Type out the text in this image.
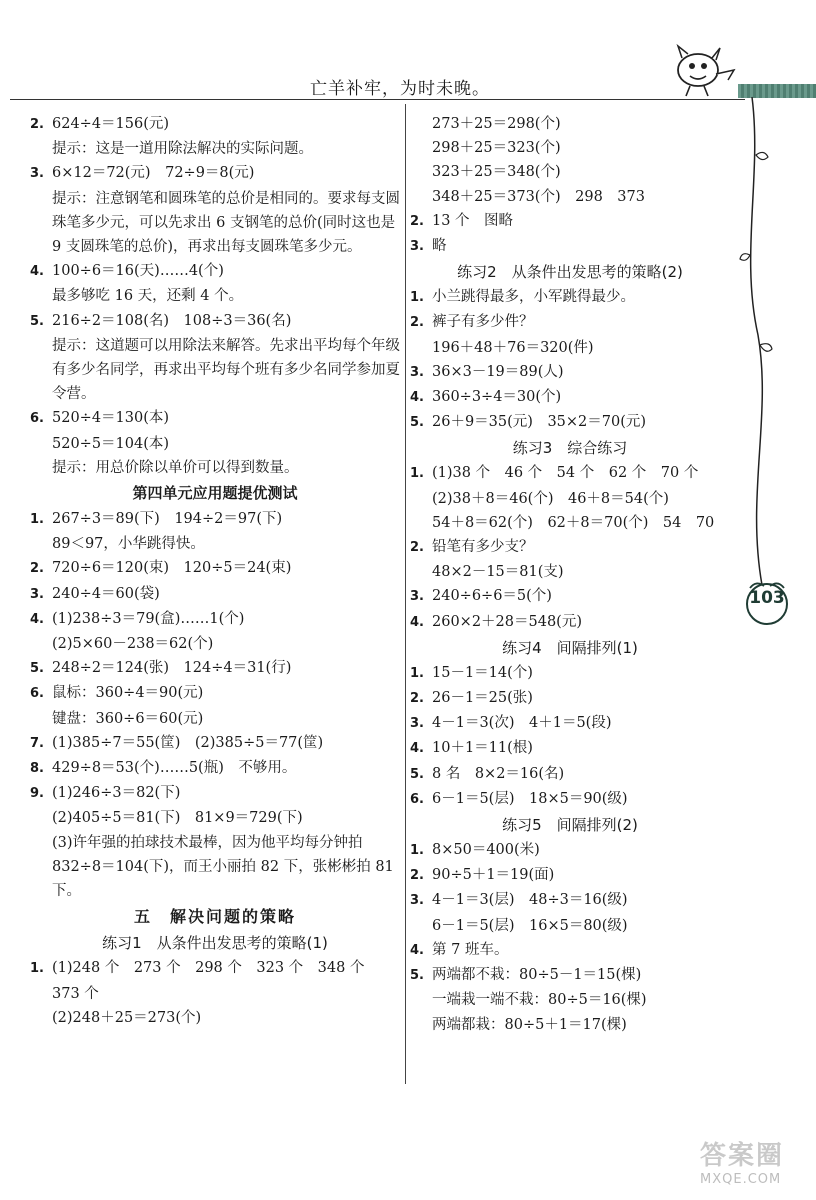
亡羊补牢，为时未晚。
103
2. 624÷4＝156(元)
提示：这是一道用除法解决的实际问题。
3. 6×12＝72(元)　72÷9＝8(元)
提示：注意钢笔和圆珠笔的总价是相同的。要求每支圆珠笔多少元，可以先求出 6 支钢笔的总价(同时这也是 9 支圆珠笔的总价)，再求出每支圆珠笔多少元。
4. 100÷6＝16(天)……4(个)
最多够吃 16 天，还剩 4 个。
5. 216÷2＝108(名)　108÷3＝36(名)
提示：这道题可以用除法来解答。先求出平均每个年级有多少名同学，再求出平均每个班有多少名同学参加夏令营。
6. 520÷4＝130(本)
520÷5＝104(本)
提示：用总价除以单价可以得到数量。
第四单元应用题提优测试
1. 267÷3＝89(下)　194÷2＝97(下)
89＜97，小华跳得快。
2. 720÷6＝120(束)　120÷5＝24(束)
3. 240÷4＝60(袋)
4. (1)238÷3＝79(盒)……1(个)
(2)5×60－238＝62(个)
5. 248÷2＝124(张)　124÷4＝31(行)
6. 鼠标：360÷4＝90(元)
键盘：360÷6＝60(元)
7. (1)385÷7＝55(筐)　(2)385÷5＝77(筐)
8. 429÷8＝53(个)……5(瓶)　不够用。
9. (1)246÷3＝82(下)
(2)405÷5＝81(下)　81×9＝729(下)
(3)许年强的拍球技术最棒，因为他平均每分钟拍 832÷8＝104(下)，而王小丽拍 82 下，张彬彬拍 81 下。
五　解决问题的策略
练习1　从条件出发思考的策略(1)
1. (1)248 个　273 个　298 个　323 个　348 个
373 个
(2)248＋25＝273(个)
273＋25＝298(个)
298＋25＝323(个)
323＋25＝348(个)
348＋25＝373(个)　298　373
2. 13 个　图略
3. 略
练习2　从条件出发思考的策略(2)
1. 小兰跳得最多，小军跳得最少。
2. 裤子有多少件？
196＋48＋76＝320(件)
3. 36×3－19＝89(人)
4. 360÷3÷4＝30(个)
5. 26＋9＝35(元)　35×2＝70(元)
练习3　综合练习
1. (1)38 个　46 个　54 个　62 个　70 个
(2)38＋8＝46(个)　46＋8＝54(个)
54＋8＝62(个)　62＋8＝70(个)　54　70
2. 铅笔有多少支？
48×2－15＝81(支)
3. 240÷6÷6＝5(个)
4. 260×2＋28＝548(元)
练习4　间隔排列(1)
1. 15－1＝14(个)
2. 26－1＝25(张)
3. 4－1＝3(次)　4＋1＝5(段)
4. 10＋1＝11(根)
5. 8 名　8×2＝16(名)
6. 6－1＝5(层)　18×5＝90(级)
练习5　间隔排列(2)
1. 8×50＝400(米)
2. 90÷5＋1＝19(面)
3. 4－1＝3(层)　48÷3＝16(级)
6－1＝5(层)　16×5＝80(级)
4. 第 7 班车。
5. 两端都不栽：80÷5－1＝15(棵)
一端栽一端不栽：80÷5＝16(棵)
两端都栽：80÷5＋1＝17(棵)
答案圈
MXQE.COM
